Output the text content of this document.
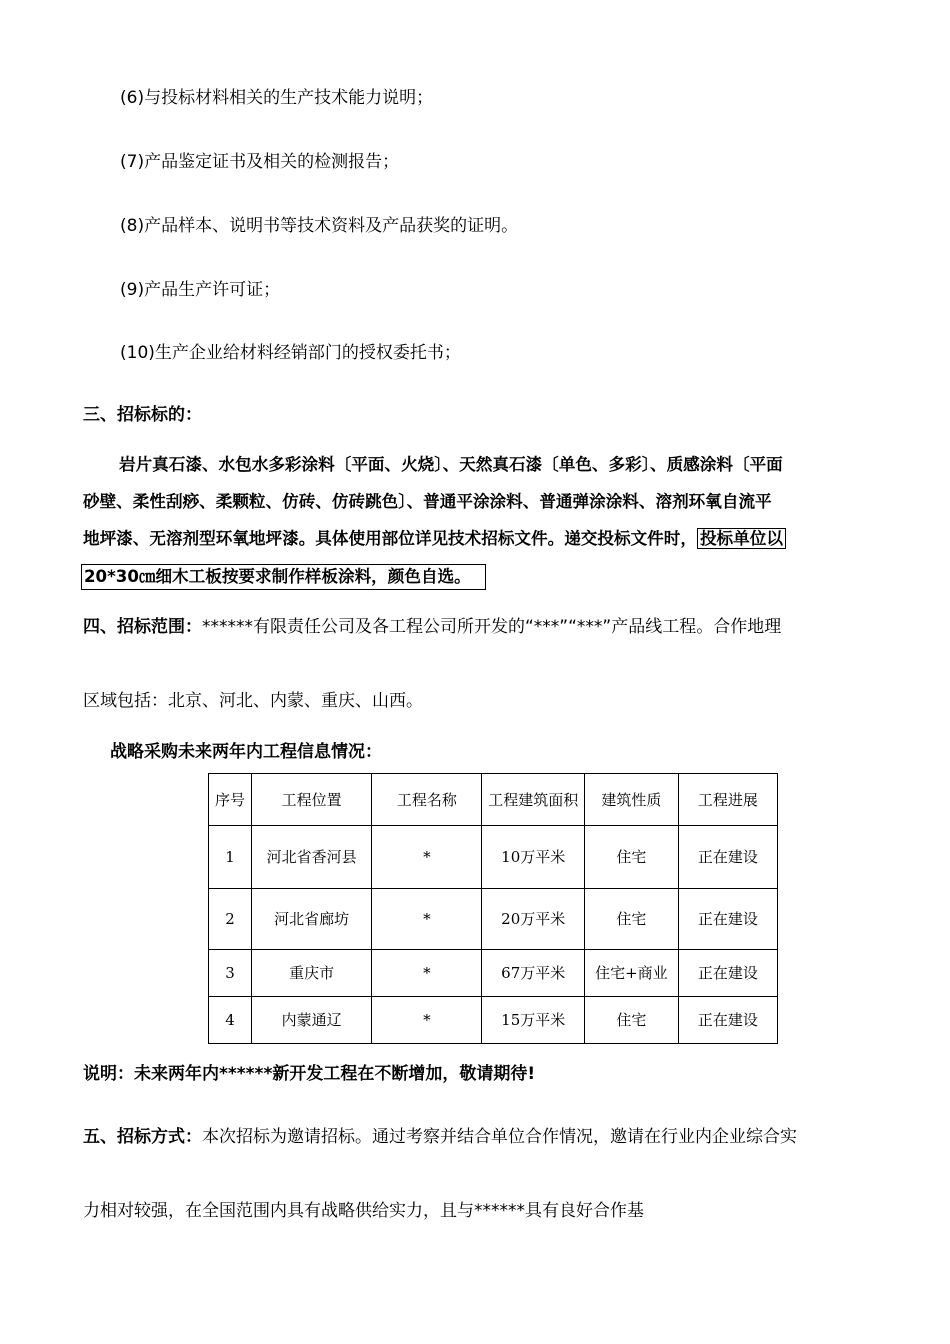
(6)与投标材料相关的生产技术能力说明；
(7)产品鉴定证书及相关的检测报告；
(8)产品样本、说明书等技术资料及产品获奖的证明。
(9)产品生产许可证；
(10)生产企业给材料经销部门的授权委托书；
三、招标标的：
岩片真石漆、水包水多彩涂料〔平面、火烧〕、天然真石漆〔单色、多彩〕、质感涂料〔平面
砂壁、柔性刮痧、柔颗粒、仿砖、仿砖跳色〕、普通平涂涂料、普通弹涂涂料、溶剂环氧自流平
地坪漆、无溶剂型环氧地坪漆。具体使用部位详见技术招标文件。递交投标文件时， 投标单位以
20*30㎝细木工板按要求制作样板涂料，颜色自选。
四、招标范围：******有限责任公司及各工程公司所开发的“***”“***”产品线工程。合作地理
区域包括：北京、河北、内蒙、重庆、山西。
战略采购未来两年内工程信息情况：
序号	工程位置	工程名称	工程建筑面积	建筑性质	工程进展
1	河北省香河县	*	10万平米	住宅	正在建设
2	河北省廊坊	*	20万平米	住宅	正在建设
3	重庆市	*	67万平米	住宅+商业	正在建设
4	内蒙通辽	*	15万平米	住宅	正在建设
说明：未来两年内******新开发工程在不断增加，敬请期待!
五、招标方式：本次招标为邀请招标。通过考察并结合单位合作情况，邀请在行业内企业综合实
力相对较强，在全国范围内具有战略供给实力，且与******具有良好合作基
